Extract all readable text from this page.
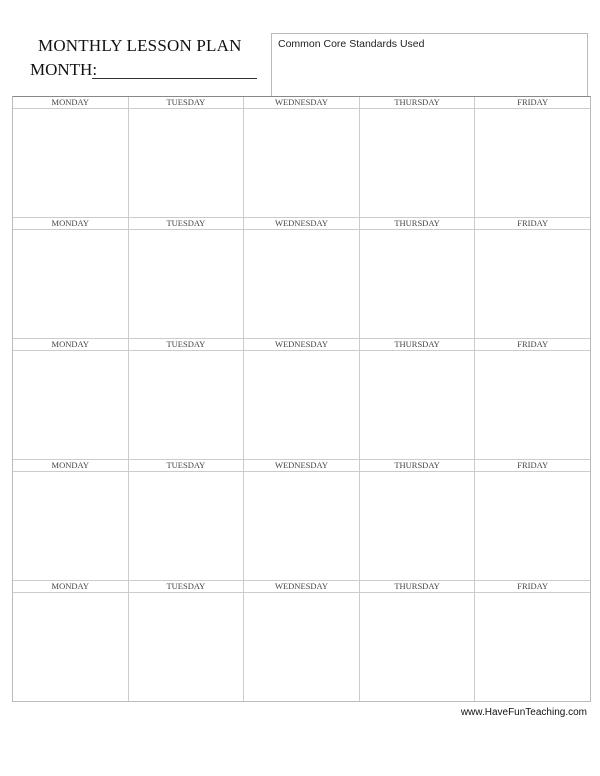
MONTHLY LESSON PLAN
MONTH:
Common Core Standards Used
MONDAY	TUESDAY	WEDNESDAY	THURSDAY	FRIDAY
MONDAY	TUESDAY	WEDNESDAY	THURSDAY	FRIDAY
MONDAY	TUESDAY	WEDNESDAY	THURSDAY	FRIDAY
MONDAY	TUESDAY	WEDNESDAY	THURSDAY	FRIDAY
MONDAY	TUESDAY	WEDNESDAY	THURSDAY	FRIDAY
www.HaveFunTeaching.com
